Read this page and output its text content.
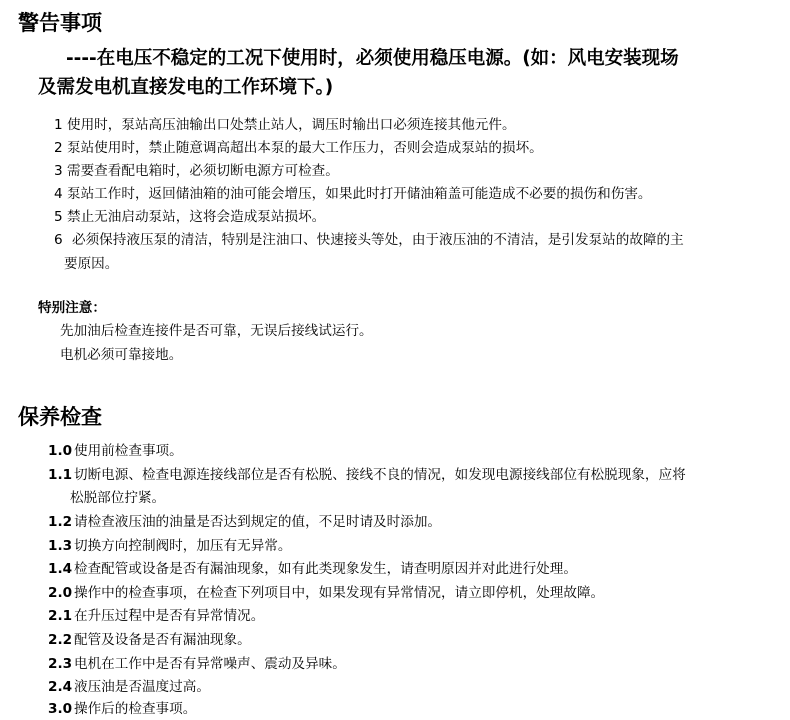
警告事项
----在电压不稳定的工况下使用时，必须使用稳压电源。(如：风电安装现场
及需发电机直接发电的工作环境下。)
1 使用时，泵站高压油输出口处禁止站人，调压时输出口必须连接其他元件。
2 泵站使用时，禁止随意调高超出本泵的最大工作压力，否则会造成泵站的损坏。
3 需要查看配电箱时，必须切断电源方可检查。
4 泵站工作时，返回储油箱的油可能会增压，如果此时打开储油箱盖可能造成不必要的损伤和伤害。
5 禁止无油启动泵站，这将会造成泵站损坏。
6 必须保持液压泵的清洁，特别是注油口、快速接头等处，由于液压油的不清洁，是引发泵站的故障的主
要原因。
特别注意：
先加油后检查连接件是否可靠，无误后接线试运行。
电机必须可靠接地。
保养检查
1.0 使用前检查事项。
1.1 切断电源、检查电源连接线部位是否有松脱、接线不良的情况，如发现电源接线部位有松脱现象，应将
松脱部位拧紧。
1.2 请检查液压油的油量是否达到规定的值，不足时请及时添加。
1.3 切换方向控制阀时，加压有无异常。
1.4 检查配管或设备是否有漏油现象，如有此类现象发生，请查明原因并对此进行处理。
2.0 操作中的检查事项，在检查下列项目中，如果发现有异常情况，请立即停机，处理故障。
2.1 在升压过程中是否有异常情况。
2.2 配管及设备是否有漏油现象。
2.3 电机在工作中是否有异常噪声、震动及异味。
2.4 液压油是否温度过高。
3.0 操作后的检查事项。
